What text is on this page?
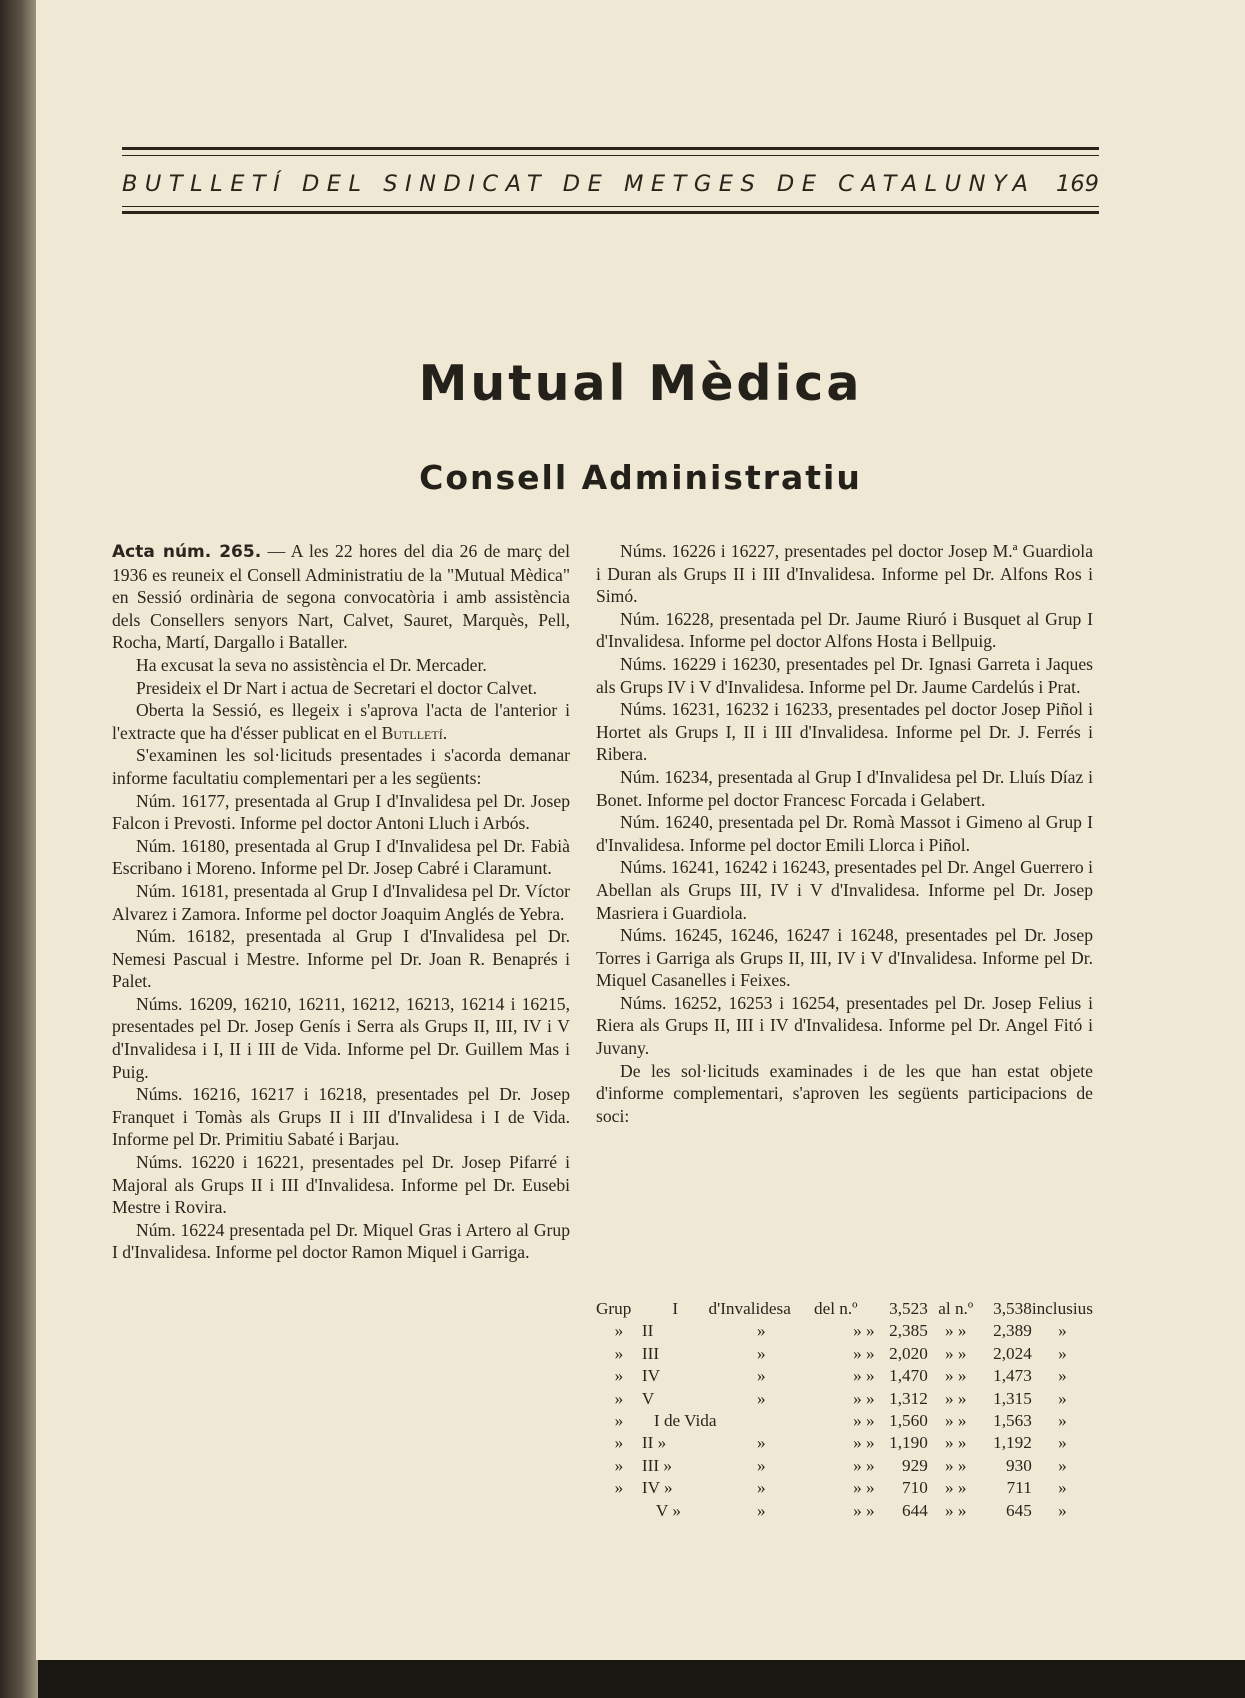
BUTLLETÍ DEL SINDICAT DE METGES DE CATALUNYA 169
Mutual Mèdica
Consell Administratiu

Acta núm. 265. — A les 22 hores del dia 26 de març del 1936 es reuneix el Consell Administratiu de la "Mutual Mèdica" en Sessió ordinària de segona convocatòria i amb assistència dels Consellers senyors Nart, Calvet, Sauret, Marquès, Pell, Rocha, Martí, Dargallo i Bataller.

Ha excusat la seva no assistència el Dr. Mercader.

Presideix el Dr Nart i actua de Secretari el doctor Calvet.

Oberta la Sessió, es llegeix i s'aprova l'acta de l'anterior i l'extracte que ha d'ésser publicat en el Butlletí.

S'examinen les sol·licituds presentades i s'acorda demanar informe facultatiu complementari per a les següents:

Núm. 16177, presentada al Grup I d'Invalidesa pel Dr. Josep Falcon i Prevosti. Informe pel doctor Antoni Lluch i Arbós.

Núm. 16180, presentada al Grup I d'Invalidesa pel Dr. Fabià Escribano i Moreno. Informe pel Dr. Josep Cabré i Claramunt.

Núm. 16181, presentada al Grup I d'Invalidesa pel Dr. Víctor Alvarez i Zamora. Informe pel doctor Joaquim Anglés de Yebra.

Núm. 16182, presentada al Grup I d'Invalidesa pel Dr. Nemesi Pascual i Mestre. Informe pel Dr. Joan R. Benaprés i Palet.

Núms. 16209, 16210, 16211, 16212, 16213, 16214 i 16215, presentades pel Dr. Josep Genís i Serra als Grups II, III, IV i V d'Invalidesa i I, II i III de Vida. Informe pel Dr. Guillem Mas i Puig.

Núms. 16216, 16217 i 16218, presentades pel Dr. Josep Franquet i Tomàs als Grups II i III d'Invalidesa i I de Vida. Informe pel Dr. Primitiu Sabaté i Barjau.

Núms. 16220 i 16221, presentades pel Dr. Josep Pifarré i Majoral als Grups II i III d'Invalidesa. Informe pel Dr. Eusebi Mestre i Rovira.

Núm. 16224 presentada pel Dr. Miquel Gras i Artero al Grup I d'Invalidesa. Informe pel doctor Ramon Miquel i Garriga.

Núms. 16226 i 16227, presentades pel doctor Josep M.ª Guardiola i Duran als Grups II i III d'Invalidesa. Informe pel Dr. Alfons Ros i Simó.

Núm. 16228, presentada pel Dr. Jaume Riuró i Busquet al Grup I d'Invalidesa. Informe pel doctor Alfons Hosta i Bellpuig.

Núms. 16229 i 16230, presentades pel Dr. Ignasi Garreta i Jaques als Grups IV i V d'Invalidesa. Informe pel Dr. Jaume Cardelús i Prat.

Núms. 16231, 16232 i 16233, presentades pel doctor Josep Piñol i Hortet als Grups I, II i III d'Invalidesa. Informe pel Dr. J. Ferrés i Ribera.

Núm. 16234, presentada al Grup I d'Invalidesa pel Dr. Lluís Díaz i Bonet. Informe pel doctor Francesc Forcada i Gelabert.

Núm. 16240, presentada pel Dr. Romà Massot i Gimeno al Grup I d'Invalidesa. Informe pel doctor Emili Llorca i Piñol.

Núms. 16241, 16242 i 16243, presentades pel Dr. Angel Guerrero i Abellan als Grups III, IV i V d'Invalidesa. Informe pel Dr. Josep Masriera i Guardiola.

Núms. 16245, 16246, 16247 i 16248, presentades pel Dr. Josep Torres i Garriga als Grups II, III, IV i V d'Invalidesa. Informe pel Dr. Miquel Casanelles i Feixes.

Núms. 16252, 16253 i 16254, presentades pel Dr. Josep Felius i Riera als Grups II, III i IV d'Invalidesa. Informe pel Dr. Angel Fitó i Juvany.

De les sol·licituds examinades i de les que han estat objete d'informe complementari, s'aproven les següents participacions de soci:

Grup	I	d'Invalidesa	del n.º	3,523	al n.º	3,538	inclusius
»	II	»	» »	2,385	» »	2,389	»
»	III	»	» »	2,020	» »	2,024	»
»	IV	»	» »	1,470	» »	1,473	»
»	V	»	» »	1,312	» »	1,315	»
»	I de Vida		» »	1,560	» »	1,563	»
»	II »	»	» »	1,190	» »	1,192	»
»	III »	»	» »	929	» »	930	»
»	IV »	»	» »	710	» »	711	»
	V »	»	» »	644	» »	645	»
